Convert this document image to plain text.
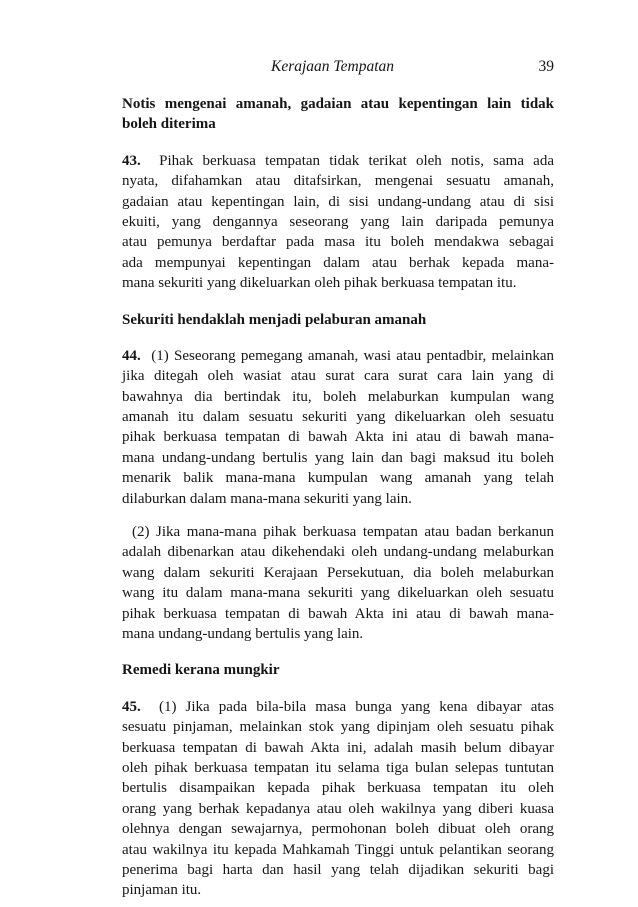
Kerajaan Tempatan	39
Notis mengenai amanah, gadaian atau kepentingan lain tidak
boleh diterima
43. Pihak berkuasa tempatan tidak terikat oleh notis, sama ada
nyata, difahamkan atau ditafsirkan, mengenai sesuatu amanah,
gadaian atau kepentingan lain, di sisi undang-undang atau di sisi
ekuiti, yang dengannya seseorang yang lain daripada pemunya
atau pemunya berdaftar pada masa itu boleh mendakwa sebagai
ada mempunyai kepentingan dalam atau berhak kepada mana-
mana sekuriti yang dikeluarkan oleh pihak berkuasa tempatan itu.
Sekuriti hendaklah menjadi pelaburan amanah
44. (1) Seseorang pemegang amanah, wasi atau pentadbir, melainkan
jika ditegah oleh wasiat atau surat cara surat cara lain yang di
bawahnya dia bertindak itu, boleh melaburkan kumpulan wang
amanah itu dalam sesuatu sekuriti yang dikeluarkan oleh sesuatu
pihak berkuasa tempatan di bawah Akta ini atau di bawah mana-
mana undang-undang bertulis yang lain dan bagi maksud itu boleh
menarik balik mana-mana kumpulan wang amanah yang telah
dilaburkan dalam mana-mana sekuriti yang lain.
(2) Jika mana-mana pihak berkuasa tempatan atau badan berkanun
adalah dibenarkan atau dikehendaki oleh undang-undang melaburkan
wang dalam sekuriti Kerajaan Persekutuan, dia boleh melaburkan
wang itu dalam mana-mana sekuriti yang dikeluarkan oleh sesuatu
pihak berkuasa tempatan di bawah Akta ini atau di bawah mana-
mana undang-undang bertulis yang lain.
Remedi kerana mungkir
45. (1) Jika pada bila-bila masa bunga yang kena dibayar atas
sesuatu pinjaman, melainkan stok yang dipinjam oleh sesuatu pihak
berkuasa tempatan di bawah Akta ini, adalah masih belum dibayar
oleh pihak berkuasa tempatan itu selama tiga bulan selepas tuntutan
bertulis disampaikan kepada pihak berkuasa tempatan itu oleh
orang yang berhak kepadanya atau oleh wakilnya yang diberi kuasa
olehnya dengan sewajarnya, permohonan boleh dibuat oleh orang
atau wakilnya itu kepada Mahkamah Tinggi untuk pelantikan seorang
penerima bagi harta dan hasil yang telah dijadikan sekuriti bagi
pinjaman itu.
